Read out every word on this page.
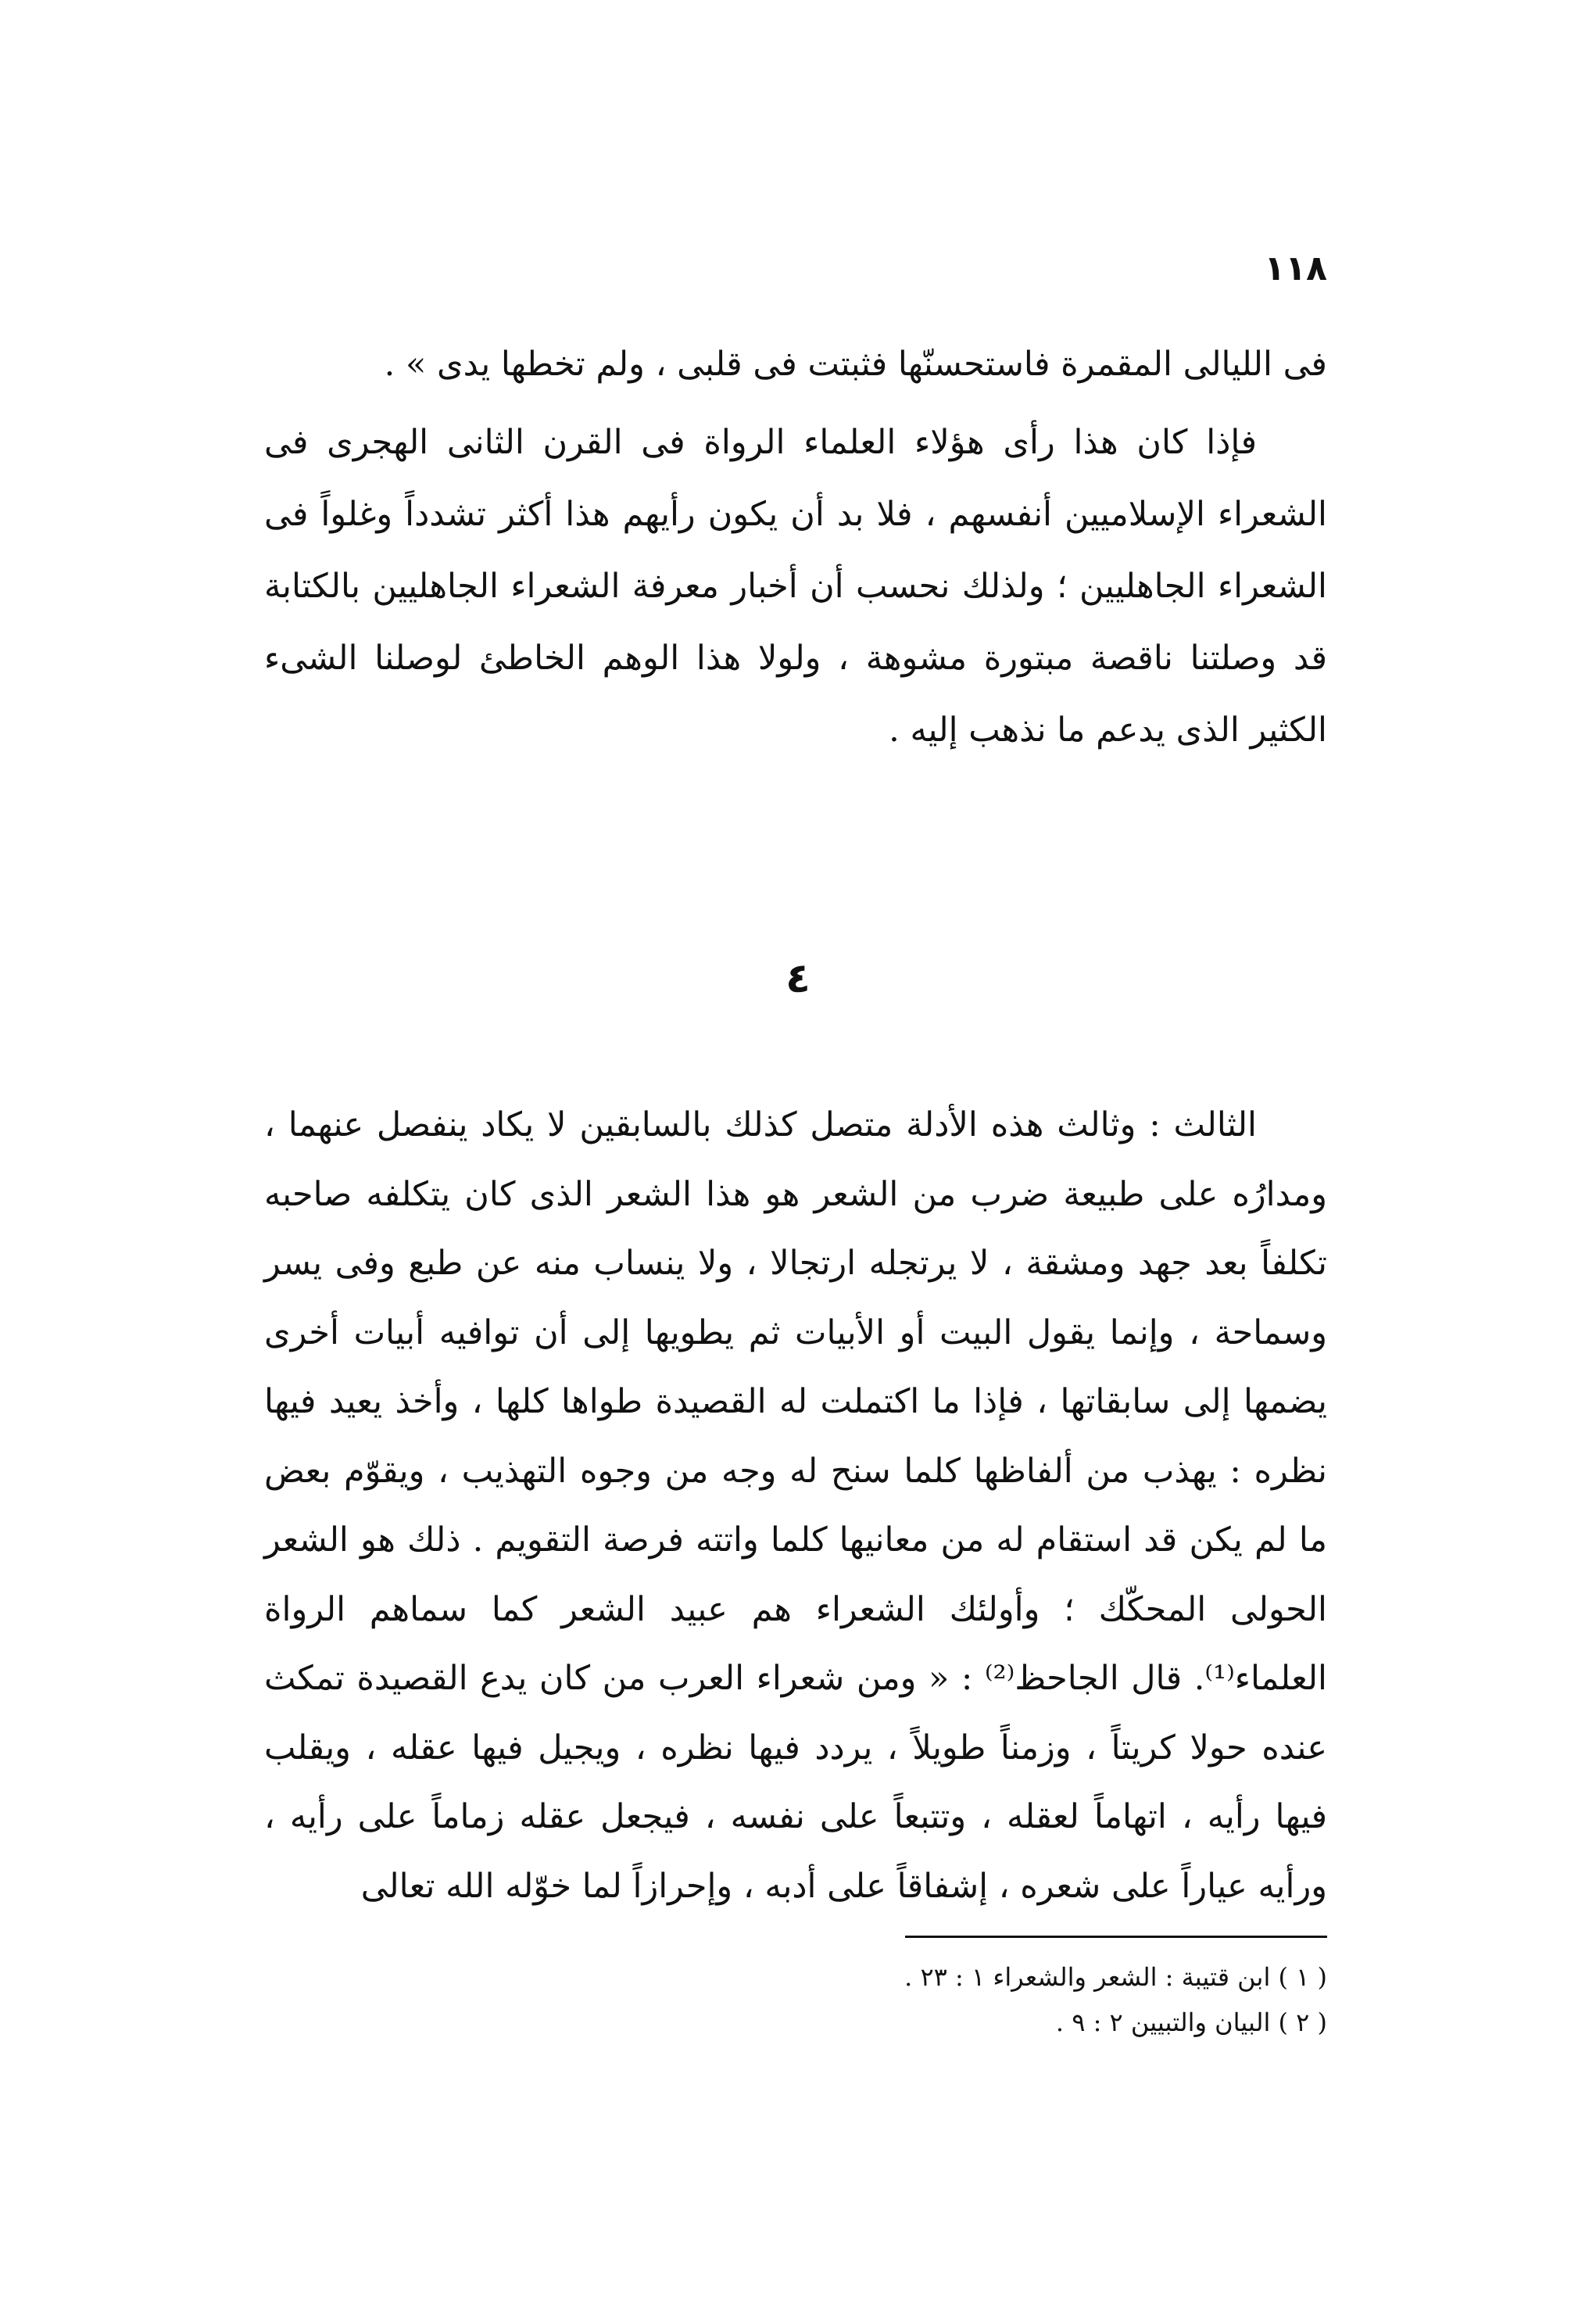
١١٨

فى الليالى المقمرة فاستحسنّها فثبتت فى قلبى ، ولم تخطها يدى » .

فإذا كان هذا رأى هؤلاء العلماء الرواة فى القرن الثانى الهجرى فى الشعراء الإسلاميين أنفسهم ، فلا بد أن يكون رأيهم هذا أكثر تشدداً وغلواً فى الشعراء الجاهليين ؛ ولذلك نحسب أن أخبار معرفة الشعراء الجاهليين بالكتابة قد وصلتنا ناقصة مبتورة مشوهة ، ولولا هذا الوهم الخاطئ لوصلنا الشىء الكثير الذى يدعم ما نذهب إليه .

٤

الثالث : وثالث هذه الأدلة متصل كذلك بالسابقين لا يكاد ينفصل عنهما ، ومدارُه على طبيعة ضرب من الشعر هو هذا الشعر الذى كان يتكلفه صاحبه تكلفاً بعد جهد ومشقة ، لا يرتجله ارتجالا ، ولا ينساب منه عن طبع وفى يسر وسماحة ، وإنما يقول البيت أو الأبيات ثم يطويها إلى أن توافيه أبيات أخرى يضمها إلى سابقاتها ، فإذا ما اكتملت له القصيدة طواها كلها ، وأخذ يعيد فيها نظره : يهذب من ألفاظها كلما سنح له وجه من وجوه التهذيب ، ويقوّم بعض ما لم يكن قد استقام له من معانيها كلما واتته فرصة التقويم . ذلك هو الشعر الحولى المحكّك ؛ وأولئك الشعراء هم عبيد الشعر كما سماهم الرواة العلماء⁽¹⁾. قال الجاحظ⁽²⁾ : « ومن شعراء العرب من كان يدع القصيدة تمكث عنده حولا كريتاً ، وزمناً طويلاً ، يردد فيها نظره ، ويجيل فيها عقله ، ويقلب فيها رأيه ، اتهاماً لعقله ، وتتبعاً على نفسه ، فيجعل عقله زماماً على رأيه ، ورأيه عياراً على شعره ، إشفاقاً على أدبه ، وإحرازاً لما خوّله الله تعالى

( ١ ) ابن قتيبة : الشعر والشعراء ١ : ٢٣ .
( ٢ ) البيان والتبيين ٢ : ٩ .
